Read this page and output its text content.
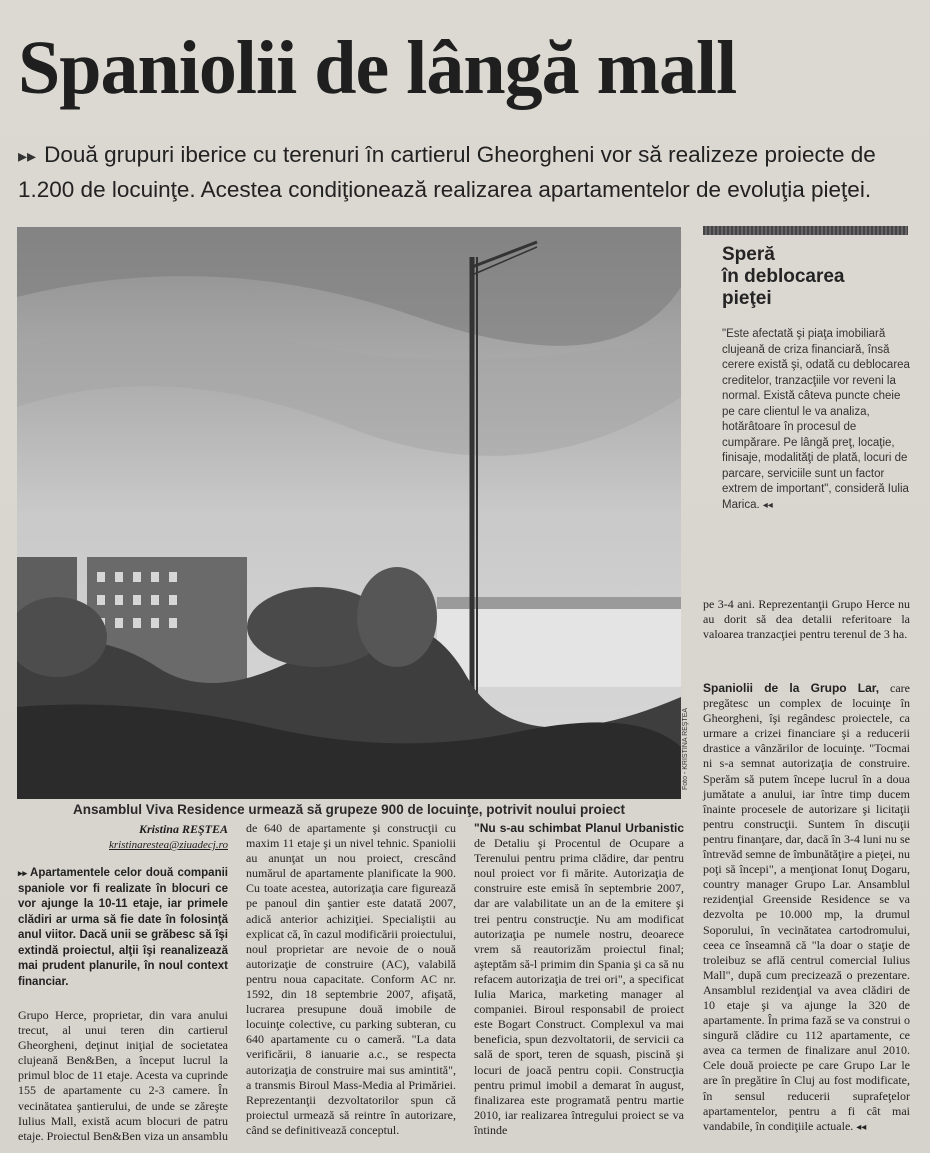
Spaniolii de lângă mall
▸▸ Două grupuri iberice cu terenuri în cartierul Gheorgheni vor să realizeze proiecte de 1.200 de locuinţe. Acestea condiţionează realizarea apartamentelor de evoluţia pieţei.
Foto - KRISTINA REŞTEA
Ansamblul Viva Residence urmează să grupeze 900 de locuinţe, potrivit noului proiect
Speră
în deblocarea
pieţei
"Este afectată şi piaţa imobiliară clujeană de criza financiară, însă cerere există şi, odată cu deblocarea creditelor, tranzacţiile vor reveni la normal. Există câteva puncte cheie pe care clientul le va analiza, hotărâtoare în procesul de cumpărare. Pe lângă preţ, locaţie, finisaje, modalităţi de plată, locuri de parcare, serviciile sunt un factor extrem de important", consideră Iulia Marica. ◂◂
Kristina REŞTEA
kristinarestea@ziuadecj.ro

▸▸ Apartamentele celor două companii spaniole vor fi realizate în blocuri ce vor ajunge la 10-11 etaje, iar primele clădiri ar urma să fie date în folosinţă anul viitor. Dacă unii se grăbesc să îşi extindă proiectul, alţii îşi reanalizează mai prudent planurile, în noul context financiar.

Grupo Herce, proprietar, din vara anului trecut, al unui teren din cartierul Gheorgheni, deţinut iniţial de societatea clujeană Ben&Ben, a început lucrul la primul bloc de 11 etaje. Acesta va cuprinde 155 de apartamente cu 2-3 camere. În vecinătatea şantierului, de unde se zăreşte Iulius Mall, există acum blocuri de patru etaje. Proiectul Ben&Ben viza un ansamblu

de 640 de apartamente şi construcţii cu maxim 11 etaje şi un nivel tehnic. Spaniolii au anunţat un nou proiect, crescând numărul de apartamente planificate la 900. Cu toate acestea, autorizaţia care figurează pe panoul din şantier este datată 2007, adică anterior achiziţiei. Specialiştii au explicat că, în cazul modificării proiectului, noul proprietar are nevoie de o nouă autorizaţie de construire (AC), valabilă pentru noua capacitate. Conform AC nr. 1592, din 18 septembrie 2007, afişată, lucrarea presupune două imobile de locuinţe colective, cu parking subteran, cu 640 apartamente cu o cameră. "La data verificării, 8 ianuarie a.c., se respecta autorizaţia de construire mai sus amintită", a transmis Biroul Mass-Media al Primăriei. Reprezentanţii dezvoltatorilor spun că proiectul urmează să reintre în autorizare, când se definitivează conceptul.

"Nu s-au schimbat Planul Urbanistic de Detaliu şi Procentul de Ocupare a Terenului pentru prima clădire, dar pentru noul proiect vor fi mărite. Autorizaţia de construire este emisă în septembrie 2007, dar are valabilitate un an de la emitere şi trei pentru construcţie. Nu am modificat autorizaţia pe numele nostru, deoarece vrem să reautorizăm proiectul final; aşteptăm să-l primim din Spania şi ca să nu refacem autorizaţia de trei ori", a specificat Iulia Marica, marketing manager al companiei. Biroul responsabil de proiect este Bogart Construct. Complexul va mai beneficia, spun dezvoltatorii, de servicii ca sală de sport, teren de squash, piscină şi locuri de joacă pentru copii. Construcţia pentru primul imobil a demarat în august, finalizarea este programată pentru martie 2010, iar realizarea întregului proiect se va întinde

pe 3-4 ani. Reprezentanţii Grupo Herce nu au dorit să dea detalii referitoare la valoarea tranzacţiei pentru terenul de 3 ha.

Spaniolii de la Grupo Lar, care pregătesc un complex de locuinţe în Gheorgheni, îşi regândesc proiectele, ca urmare a crizei financiare şi a reducerii drastice a vânzărilor de locuinţe. "Tocmai ni s-a semnat autorizaţia de construire. Sperăm să putem începe lucrul în a doua jumătate a anului, iar între timp ducem înainte procesele de autorizare şi licitaţii pentru construcţii. Suntem în discuţii pentru finanţare, dar, dacă în 3-4 luni nu se întrevăd semne de îmbunătăţire a pieţei, nu poţi să începi", a menţionat Ionuţ Dogaru, country manager Grupo Lar. Ansamblul rezidenţial Greenside Residence se va dezvolta pe 10.000 mp, la drumul Soporului, în vecinătatea cartodromului, ceea ce înseamnă că "la doar o staţie de troleibuz se află centrul comercial Iulius Mall", după cum precizează o prezentare. Ansamblul rezidenţial va avea clădiri de 10 etaje şi va ajunge la 320 de apartamente. În prima fază se va construi o singură clădire cu 112 apartamente, ce avea ca termen de finalizare anul 2010. Cele două proiecte pe care Grupo Lar le are în pregătire în Cluj au fost modificate, în sensul reducerii suprafeţelor apartamentelor, pentru a fi cât mai vandabile, în condiţiile actuale. ◂◂
